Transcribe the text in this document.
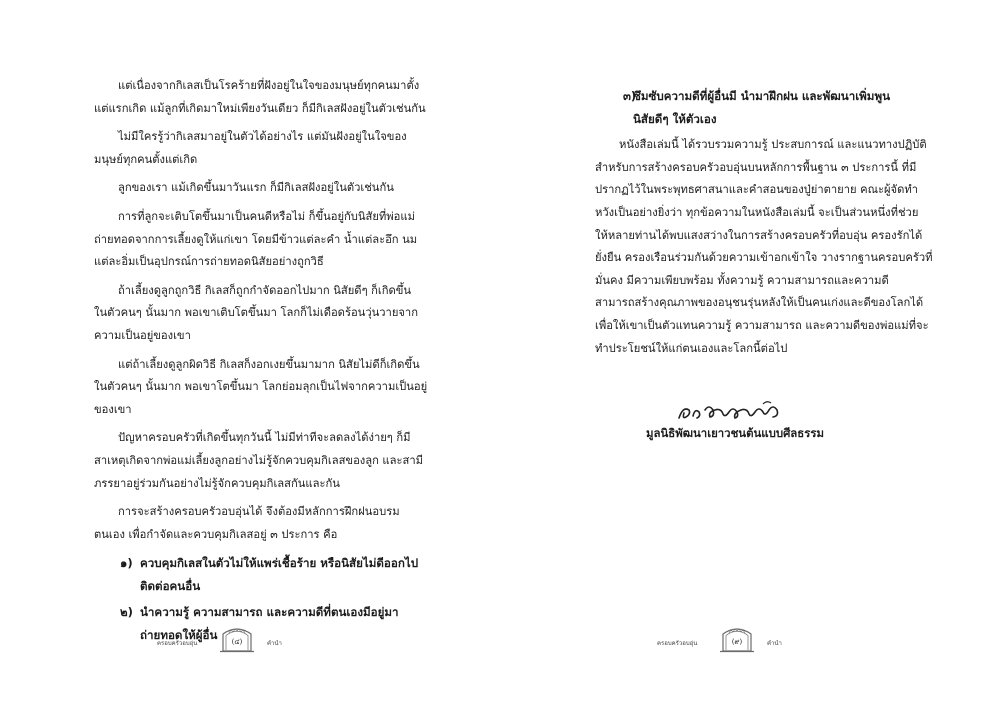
แต่เนื่องจากกิเลสเป็นโรคร้ายที่ฝังอยู่ในใจของมนุษย์ทุกคนมาตั้ง
แต่แรกเกิด แม้ลูกที่เกิดมาใหม่เพียงวันเดียว ก็มีกิเลสฝังอยู่ในตัวเช่นกัน
ไม่มีใครรู้ว่ากิเลสมาอยู่ในตัวได้อย่างไร แต่มันฝังอยู่ในใจของ
มนุษย์ทุกคนตั้งแต่เกิด
ลูกของเรา แม้เกิดขึ้นมาวันแรก ก็มีกิเลสฝังอยู่ในตัวเช่นกัน
การที่ลูกจะเติบโตขึ้นมาเป็นคนดีหรือไม่ ก็ขึ้นอยู่กับนิสัยที่พ่อแม่
ถ่ายทอดจากการเลี้ยงดูให้แก่เขา โดยมีข้าวแต่ละคำ น้ำแต่ละอึก นม
แต่ละอิ่มเป็นอุปกรณ์การถ่ายทอดนิสัยอย่างถูกวิธี
ถ้าเลี้ยงดูลูกถูกวิธี กิเลสก็ถูกกำจัดออกไปมาก นิสัยดีๆ ก็เกิดขึ้น
ในตัวคนๆ นั้นมาก พอเขาเติบโตขึ้นมา โลกก็ไม่เดือดร้อนวุ่นวายจาก
ความเป็นอยู่ของเขา
แต่ถ้าเลี้ยงดูลูกผิดวิธี กิเลสก็งอกเงยขึ้นมามาก นิสัยไม่ดีก็เกิดขึ้น
ในตัวคนๆ นั้นมาก พอเขาโตขึ้นมา โลกย่อมลุกเป็นไฟจากความเป็นอยู่
ของเขา
ปัญหาครอบครัวที่เกิดขึ้นทุกวันนี้ ไม่มีท่าทีจะลดลงได้ง่ายๆ ก็มี
สาเหตุเกิดจากพ่อแม่เลี้ยงลูกอย่างไม่รู้จักควบคุมกิเลสของลูก และสามี
ภรรยาอยู่ร่วมกันอย่างไม่รู้จักควบคุมกิเลสกันและกัน
การจะสร้างครอบครัวอบอุ่นได้ จึงต้องมีหลักการฝึกฝนอบรม
ตนเอง เพื่อกำจัดและควบคุมกิเลสอยู่ ๓ ประการ คือ
๑) ควบคุมกิเลสในตัวไม่ให้แพร่เชื้อร้าย หรือนิสัยไม่ดีออกไป
ติดต่อคนอื่น
๒) นำความรู้ ความสามารถ และความดีที่ตนเองมีอยู่มา
ถ่ายทอดให้ผู้อื่น
ครอบครัวอบอุ่น	(๔)	คำนำ
๓)
ซึมซับความดีที่ผู้อื่นมี นำมาฝึกฝน และพัฒนาเพิ่มพูน
นิสัยดีๆ ให้ตัวเอง
หนังสือเล่มนี้ ได้รวบรวมความรู้ ประสบการณ์ และแนวทางปฏิบัติ
สำหรับการสร้างครอบครัวอบอุ่นบนหลักการพื้นฐาน ๓ ประการนี้ ที่มี
ปรากฏไว้ในพระพุทธศาสนาและคำสอนของปู่ย่าตายาย คณะผู้จัดทำ
หวังเป็นอย่างยิ่งว่า ทุกข้อความในหนังสือเล่มนี้ จะเป็นส่วนหนึ่งที่ช่วย
ให้หลายท่านได้พบแสงสว่างในการสร้างครอบครัวที่อบอุ่น ครองรักได้
ยั่งยืน ครองเรือนร่วมกันด้วยความเข้าอกเข้าใจ วางรากฐานครอบครัวที่
มั่นคง มีความเพียบพร้อม ทั้งความรู้ ความสามารถและความดี
สามารถสร้างคุณภาพของอนุชนรุ่นหลังให้เป็นคนเก่งและดีของโลกได้
เพื่อให้เขาเป็นตัวแทนความรู้ ความสามารถ และความดีของพ่อแม่ที่จะ
ทำประโยชน์ให้แก่ตนเองและโลกนี้ต่อไป
มูลนิธิพัฒนาเยาวชนต้นแบบศีลธรรม
ครอบครัวอบอุ่น	(๙)	คำนำ
